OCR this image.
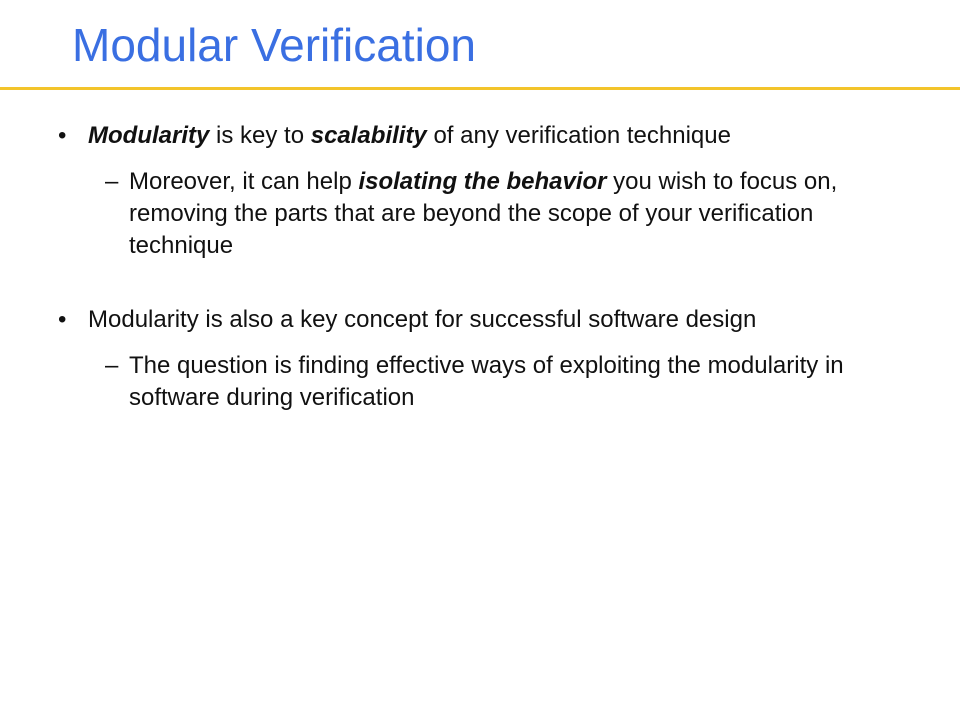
Modular Verification
• Modularity is key to scalability of any verification technique
– Moreover, it can help isolating the behavior you wish to focus on, removing the parts that are beyond the scope of your verification technique
• Modularity is also a key concept for successful software design
– The question is finding effective ways of exploiting the modularity in software during verification
